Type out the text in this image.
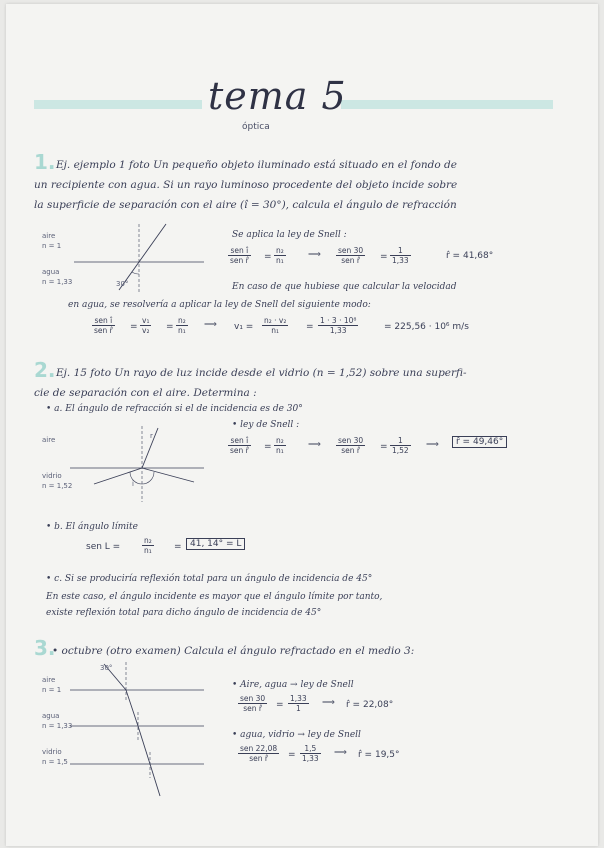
tema 5
óptica
1. Ej. ejemplo 1 foto Un pequeño objeto iluminado está situado en el fondo de
un recipiente con agua. Si un rayo luminoso procedente del objeto incide sobre
la superficie de separación con el aire (î = 30°), calcula el ángulo de refracción
aire
n = 1
agua
n = 1,33	30°
Se aplica la ley de Snell :
sen î
sen r̂ = $\frac{\text{n₂}}{\text{n₁}}$ ⟹ sen 30
sen r̂	= $\frac{1}{1,33}$	r̂ = 41,68°
En caso de que hubiese que calcular la velocidad
en agua, se resolvería a aplicar la ley de Snell del siguiente modo:
sen î
sen r̂ = $\frac{\text{v₁}}{\text{v₂}} = \frac{\text{n₂}}{\text{n₁}}$ ⟹ $v_1 = \frac{\text{n₂ · v₂}}{\text{n₁}} = \frac{\text{1 · 3 · 10⁸}}{1,33}$	= 225,56 · 10⁶ m/s
2. Ej. 15 foto Un rayo de luz incide desde el vidrio (n = 1,52) sobre una superfi-
cie de separación con el aire. Determina :
• a. El ángulo de refracción si el de incidencia es de 30°
aire
vidrio
n = 1,52
r
i
• ley de Snell :
sen î
sen r̂ = $\frac{\text{n₂}}{\text{n₁}}$ ⟹ sen 30
sen r̂	= $\frac{1}{1,52}$ ⟹	r̂ = 49,46°
• b. El ángulo límite
sen L =	$\frac{\text{n₂}}{\text{n₁}} = 41$, 14° = L
• c. Si se produciría reflexión total para un ángulo de incidencia de 45°
En este caso, el ángulo incidente es mayor que el ángulo límite por tanto,
existe reflexión total para dicho ángulo de incidencia de 45°
3.
• octubre (otro examen) Calcula el ángulo refractado en el medio 3:
aire
n = 1
agua
n = 1,33
vidrio
n = 1,5
30°
• Aire, agua → ley de Snell
sen 30
sen r̂	= $\frac{1,33}{1}$ ⟹ r̂ = 22,08°
• agua, vidrio → ley de Snell
sen 22,08
sen r̂	= $\frac{1,5}{1,33}$ ⟹ r̂ = 19,5°
